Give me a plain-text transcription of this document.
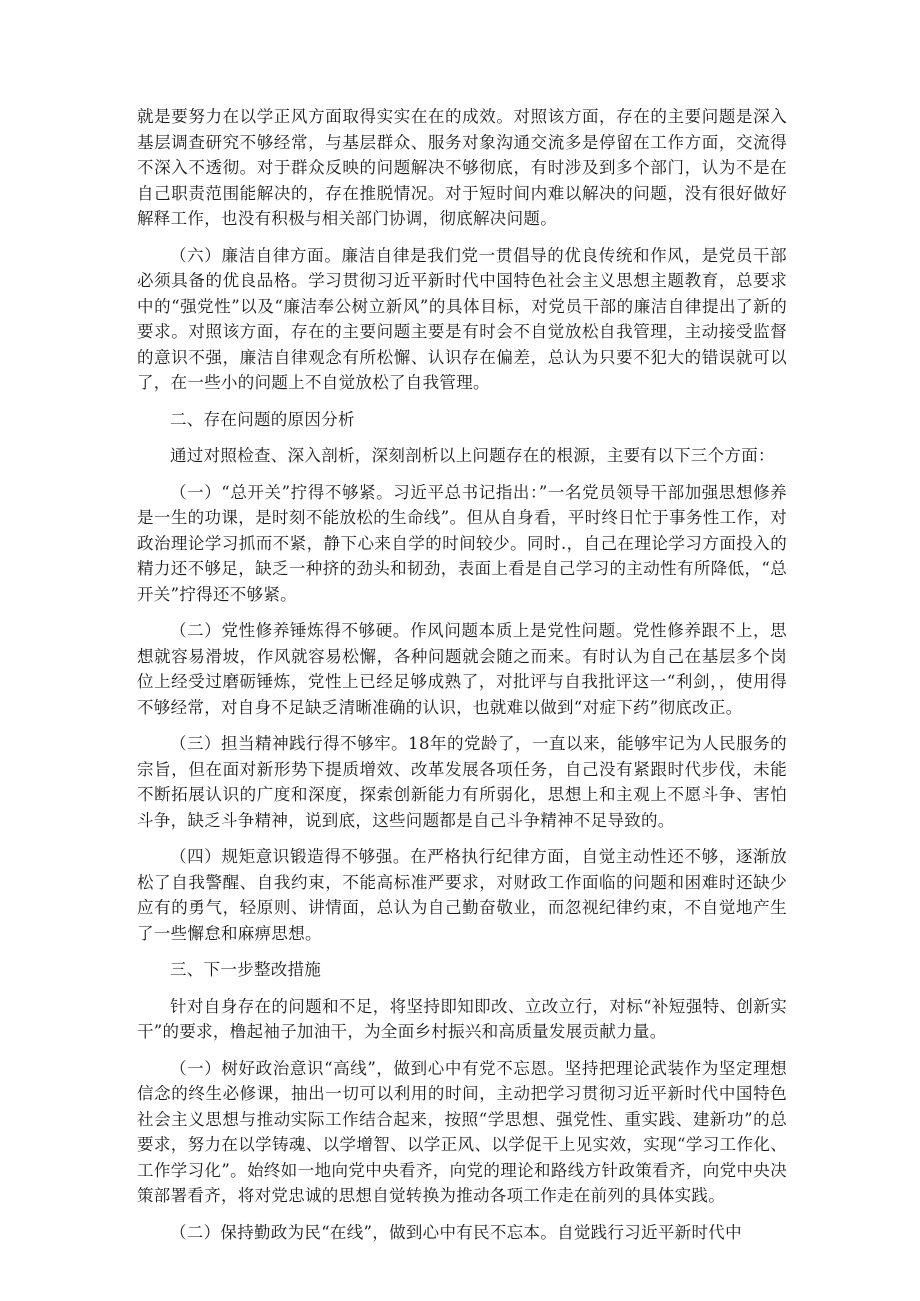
就是要努力在以学正风方面取得实实在在的成效。对照该方面，存在的主要问题是深入基层调查研究不够经常，与基层群众、服务对象沟通交流多是停留在工作方面，交流得不深入不透彻。对于群众反映的问题解决不够彻底，有时涉及到多个部门，认为不是在自己职责范围能解决的，存在推脱情况。对于短时间内难以解决的问题，没有很好做好解释工作，也没有积极与相关部门协调，彻底解决问题。

（六）廉洁自律方面。廉洁自律是我们党一贯倡导的优良传统和作风，是党员干部必须具备的优良品格。学习贯彻习近平新时代中国特色社会主义思想主题教育，总要求中的“强党性”以及“廉洁奉公树立新风”的具体目标，对党员干部的廉洁自律提出了新的要求。对照该方面，存在的主要问题主要是有时会不自觉放松自我管理，主动接受监督的意识不强，廉洁自律观念有所松懈、认识存在偏差，总认为只要不犯大的错误就可以了，在一些小的问题上不自觉放松了自我管理。

二、存在问题的原因分析

通过对照检查、深入剖析，深刻剖析以上问题存在的根源，主要有以下三个方面：

（一）“总开关”拧得不够紧。习近平总书记指出：”一名党员领导干部加强思想修养是一生的功课，是时刻不能放松的生命线”。但从自身看，平时终日忙于事务性工作，对政治理论学习抓而不紧，静下心来自学的时间较少。同时.，自己在理论学习方面投入的精力还不够足，缺乏一种挤的劲头和韧劲，表面上看是自己学习的主动性有所降低，“总开关”拧得还不够紧。

（二）党性修养锤炼得不够硬。作风问题本质上是党性问题。党性修养跟不上，思想就容易滑坡，作风就容易松懈，各种问题就会随之而来。有时认为自己在基层多个岗位上经受过磨砺锤炼，党性上已经足够成熟了，对批评与自我批评这一“利剑，，使用得不够经常，对自身不足缺乏清晰准确的认识，也就难以做到“对症下药”彻底改正。

（三）担当精神践行得不够牢。18年的党龄了，一直以来，能够牢记为人民服务的宗旨，但在面对新形势下提质增效、改革发展各项任务，自己没有紧跟时代步伐，未能不断拓展认识的广度和深度，探索创新能力有所弱化，思想上和主观上不愿斗争、害怕斗争，缺乏斗争精神，说到底，这些问题都是自己斗争精神不足导致的。

（四）规矩意识锻造得不够强。在严格执行纪律方面，自觉主动性还不够，逐渐放松了自我警醒、自我约束，不能高标准严要求，对财政工作面临的问题和困难时还缺少应有的勇气，轻原则、讲情面，总认为自己勤奋敬业，而忽视纪律约束，不自觉地产生了一些懈怠和麻痹思想。

三、下一步整改措施

针对自身存在的问题和不足，将坚持即知即改、立改立行，对标“补短强特、创新实干”的要求，橹起袖子加油干，为全面乡村振兴和高质量发展贡献力量。

（一）树好政治意识“高线”，做到心中有党不忘恩。坚持把理论武装作为坚定理想信念的终生必修课，抽出一切可以利用的时间，主动把学习贯彻习近平新时代中国特色社会主义思想与推动实际工作结合起来，按照“学思想、强党性、重实践、建新功”的总要求，努力在以学铸魂、以学增智、以学正风、以学促干上见实效，实现“学习工作化、工作学习化”。始终如一地向党中央看齐，向党的理论和路线方针政策看齐，向党中央决策部署看齐，将对党忠诚的思想自觉转换为推动各项工作走在前列的具体实践。

（二）保持勤政为民“在线”，做到心中有民不忘本。自觉践行习近平新时代中
